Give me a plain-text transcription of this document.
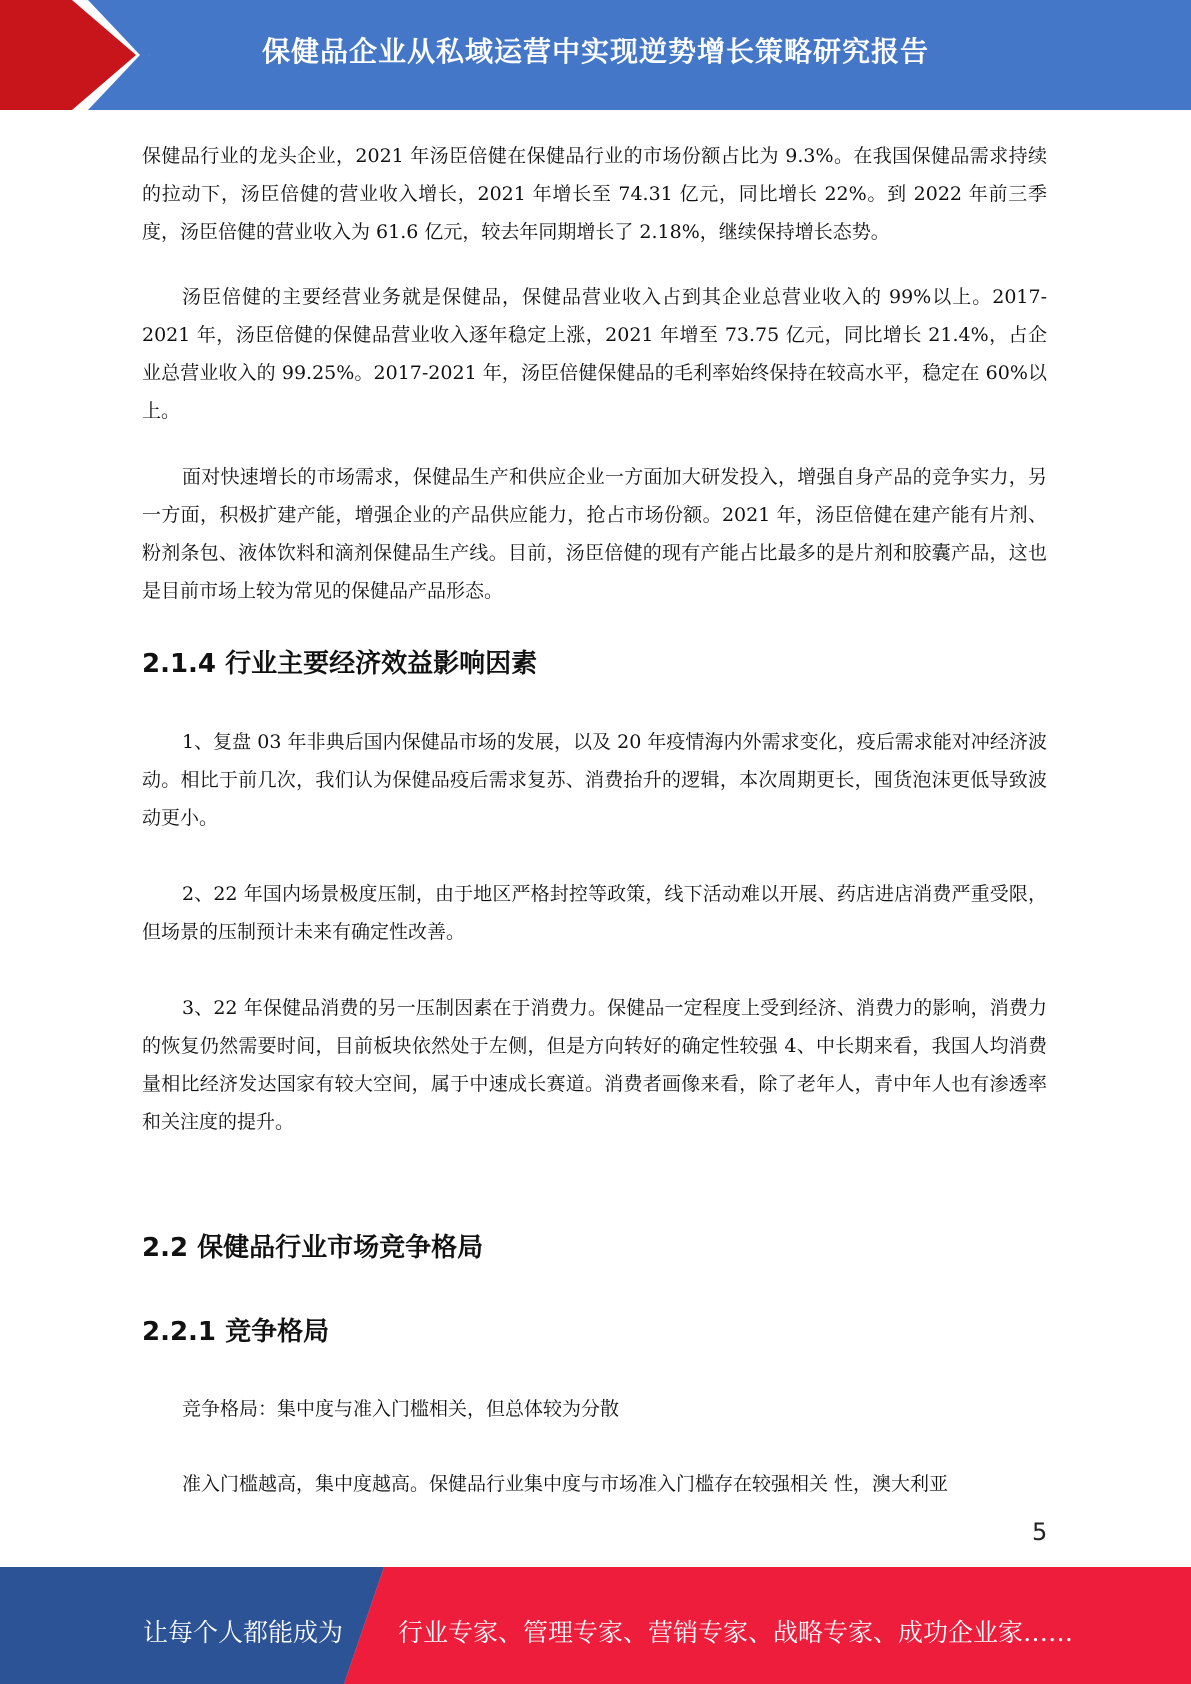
保健品企业从私域运营中实现逆势增长策略研究报告

保健品行业的龙头企业，2021 年汤臣倍健在保健品行业的市场份额占比为 9.3%。在我国保健品需求持续的拉动下，汤臣倍健的营业收入增长，2021 年增长至 74.31 亿元，同比增长 22%。到 2022 年前三季度，汤臣倍健的营业收入为 61.6 亿元，较去年同期增长了 2.18%，继续保持增长态势。

汤臣倍健的主要经营业务就是保健品，保健品营业收入占到其企业总营业收入的 99%以上。2017-2021 年，汤臣倍健的保健品营业收入逐年稳定上涨，2021 年增至 73.75 亿元，同比增长 21.4%，占企业总营业收入的 99.25%。2017-2021 年，汤臣倍健保健品的毛利率始终保持在较高水平，稳定在 60%以上。

面对快速增长的市场需求，保健品生产和供应企业一方面加大研发投入，增强自身产品的竞争实力，另一方面，积极扩建产能，增强企业的产品供应能力，抢占市场份额。2021 年，汤臣倍健在建产能有片剂、粉剂条包、液体饮料和滴剂保健品生产线。目前，汤臣倍健的现有产能占比最多的是片剂和胶囊产品，这也是目前市场上较为常见的保健品产品形态。

2.1.4 行业主要经济效益影响因素

1、复盘 03 年非典后国内保健品市场的发展，以及 20 年疫情海内外需求变化，疫后需求能对冲经济波动。相比于前几次，我们认为保健品疫后需求复苏、消费抬升的逻辑，本次周期更长，囤货泡沫更低导致波动更小。

2、22 年国内场景极度压制，由于地区严格封控等政策，线下活动难以开展、药店进店消费严重受限，但场景的压制预计未来有确定性改善。

3、22 年保健品消费的另一压制因素在于消费力。保健品一定程度上受到经济、消费力的影响，消费力的恢复仍然需要时间，目前板块依然处于左侧，但是方向转好的确定性较强 4、中长期来看，我国人均消费量相比经济发达国家有较大空间，属于中速成长赛道。消费者画像来看，除了老年人，青中年人也有渗透率和关注度的提升。

2.2 保健品行业市场竞争格局
2.2.1 竞争格局

竞争格局：集中度与准入门槛相关，但总体较为分散

准入门槛越高，集中度越高。保健品行业集中度与市场准入门槛存在较强相关 性，澳大利亚

5
让每个人都能成为 行业专家、管理专家、营销专家、战略专家、成功企业家……
